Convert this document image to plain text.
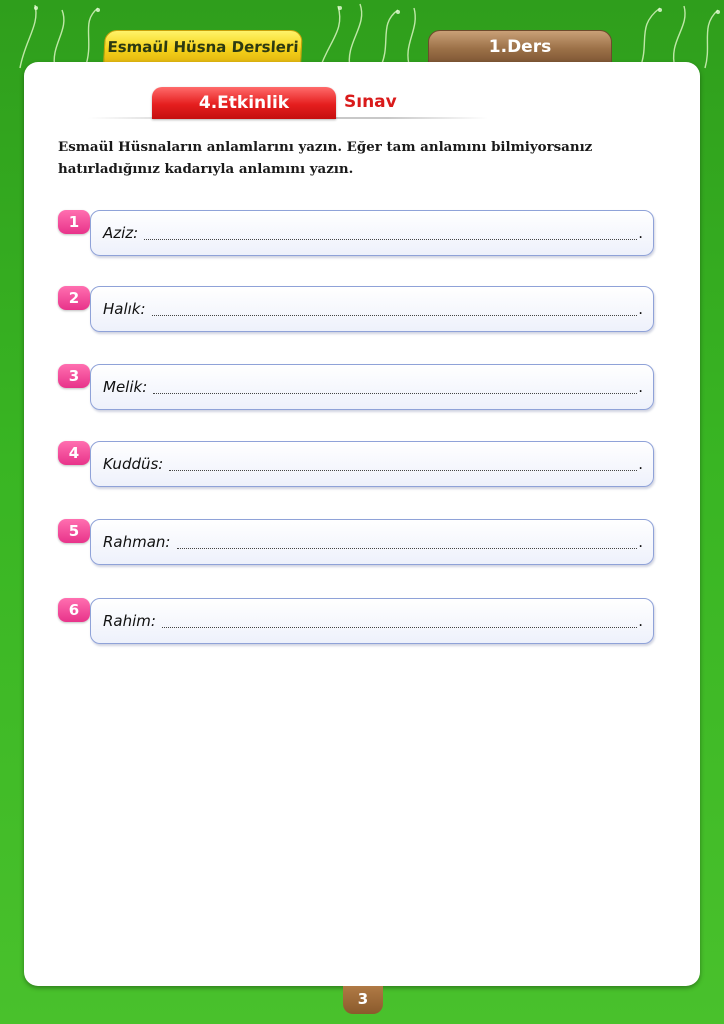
Esmaül Hüsna Dersleri	1.Ders
4.Etkinlik	Sınav
Esmaül Hüsnaların anlamlarını yazın. Eğer tam anlamını bilmiyorsanız hatırladığınız kadarıyla anlamını yazın.
1
Aziz:	.
2
Halık:	.
3
Melik:	.
4
Kuddüs:	.
5
Rahman:	.
6
Rahim:	.
3
